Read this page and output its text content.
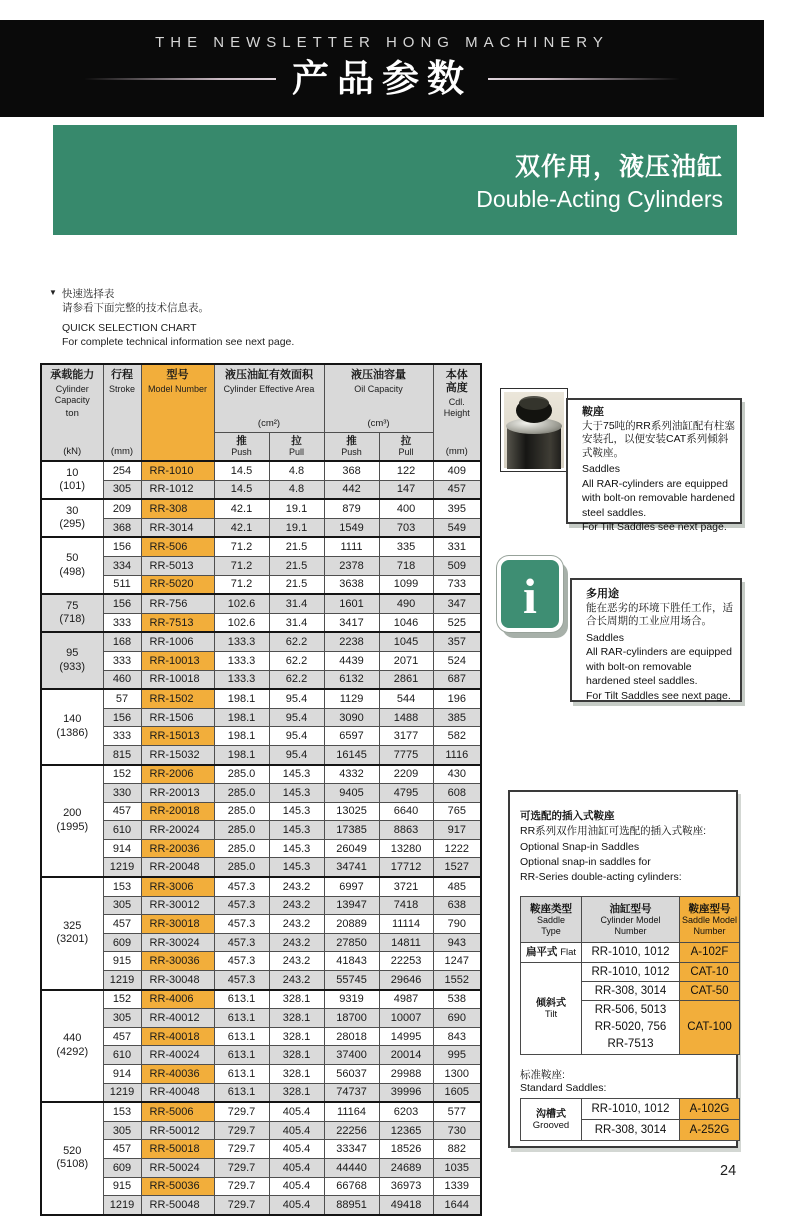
THE NEWSLETTER HONG MACHINERY
产品参数
双作用，液压油缸
Double-Acting Cylinders
▼ 快速选择表
请参看下面完整的技术信息表。
QUICK SELECTION CHART
For complete technical information see next page.
承载能力
Cylinder Capacity
ton
(kN)

行程
Stroke
(mm)

型号
Model Number

液压油缸有效面积
Cylinder Effective Area
(cm²)

液压油容量
Oil Capacity
(cm³)

本体高度
Cdl.
Height
(mm)

推
Push

拉
Pull

推
Push

拉
Pull

10
(101)	254	RR-1010	14.5	4.8	368	122	409
	305	RR-1012	14.5	4.8	442	147	457

30
(295)	209	RR-308	42.1	19.1	879	400	395
	368	RR-3014	42.1	19.1	1549	703	549

50
(498)	156	RR-506	71.2	21.5	1111	335	331
	334	RR-5013	71.2	21.5	2378	718	509
	511	RR-5020	71.2	21.5	3638	1099	733

75
(718)	156	RR-756	102.6	31.4	1601	490	347
	333	RR-7513	102.6	31.4	3417	1046	525

95
(933)	168	RR-1006	133.3	62.2	2238	1045	357
	333	RR-10013	133.3	62.2	4439	2071	524
	460	RR-10018	133.3	62.2	6132	2861	687

140
(1386)	57	RR-1502	198.1	95.4	1129	544	196
	156	RR-1506	198.1	95.4	3090	1488	385
	333	RR-15013	198.1	95.4	6597	3177	582
	815	RR-15032	198.1	95.4	16145	7775	1116

200
(1995)	152	RR-2006	285.0	145.3	4332	2209	430
	330	RR-20013	285.0	145.3	9405	4795	608
	457	RR-20018	285.0	145.3	13025	6640	765
	610	RR-20024	285.0	145.3	17385	8863	917
	914	RR-20036	285.0	145.3	26049	13280	1222
	1219	RR-20048	285.0	145.3	34741	17712	1527

325
(3201)	153	RR-3006	457.3	243.2	6997	3721	485
	305	RR-30012	457.3	243.2	13947	7418	638
	457	RR-30018	457.3	243.2	20889	11114	790
	609	RR-30024	457.3	243.2	27850	14811	943
	915	RR-30036	457.3	243.2	41843	22253	1247
	1219	RR-30048	457.3	243.2	55745	29646	1552

440
(4292)	152	RR-4006	613.1	328.1	9319	4987	538
	305	RR-40012	613.1	328.1	18700	10007	690
	457	RR-40018	613.1	328.1	28018	14995	843
	610	RR-40024	613.1	328.1	37400	20014	995
	914	RR-40036	613.1	328.1	56037	29988	1300
	1219	RR-40048	613.1	328.1	74737	39996	1605

520
(5108)	153	RR-5006	729.7	405.4	11164	6203	577
	305	RR-50012	729.7	405.4	22256	12365	730
	457	RR-50018	729.7	405.4	33347	18526	882
	609	RR-50024	729.7	405.4	44440	24689	1035
	915	RR-50036	729.7	405.4	66768	36973	1339
	1219	RR-50048	729.7	405.4	88951	49418	1644
鞍座
大于75吨的RR系列油缸配有柱塞安装孔，以便安装CAT系列倾斜式鞍座。
Saddles
All RAR-cylinders are equipped with bolt-on removable hardened steel saddles.
For Tilt Saddles see next page.
i	多用途
能在恶劣的环境下胜任工作，适合长周期的工业应用场合。
Saddles
All RAR-cylinders are equipped with bolt-on removable hardened steel saddles.
For Tilt Saddles see next page.
可选配的插入式鞍座
RR系列双作用油缸可选配的插入式鞍座:
Optional Snap-in Saddles
Optional snap-in saddles for
RR-Series double-acting cylinders:
鞍座类型
Saddle
Type

油缸型号
Cylinder Model
Number

鞍座型号
Saddle Model
Number

扁平式 Flat	RR-1010, 1012	A-102F

倾斜式
Tilt	RR-1010, 1012	CAT-10
	RR-308, 3014	CAT-50

	RR-506, 5013
RR-5020, 756
RR-7513	CAT-100
标准鞍座:
Standard Saddles:
沟槽式
Grooved	RR-1010, 1012	A-102G
	RR-308, 3014	A-252G
24
